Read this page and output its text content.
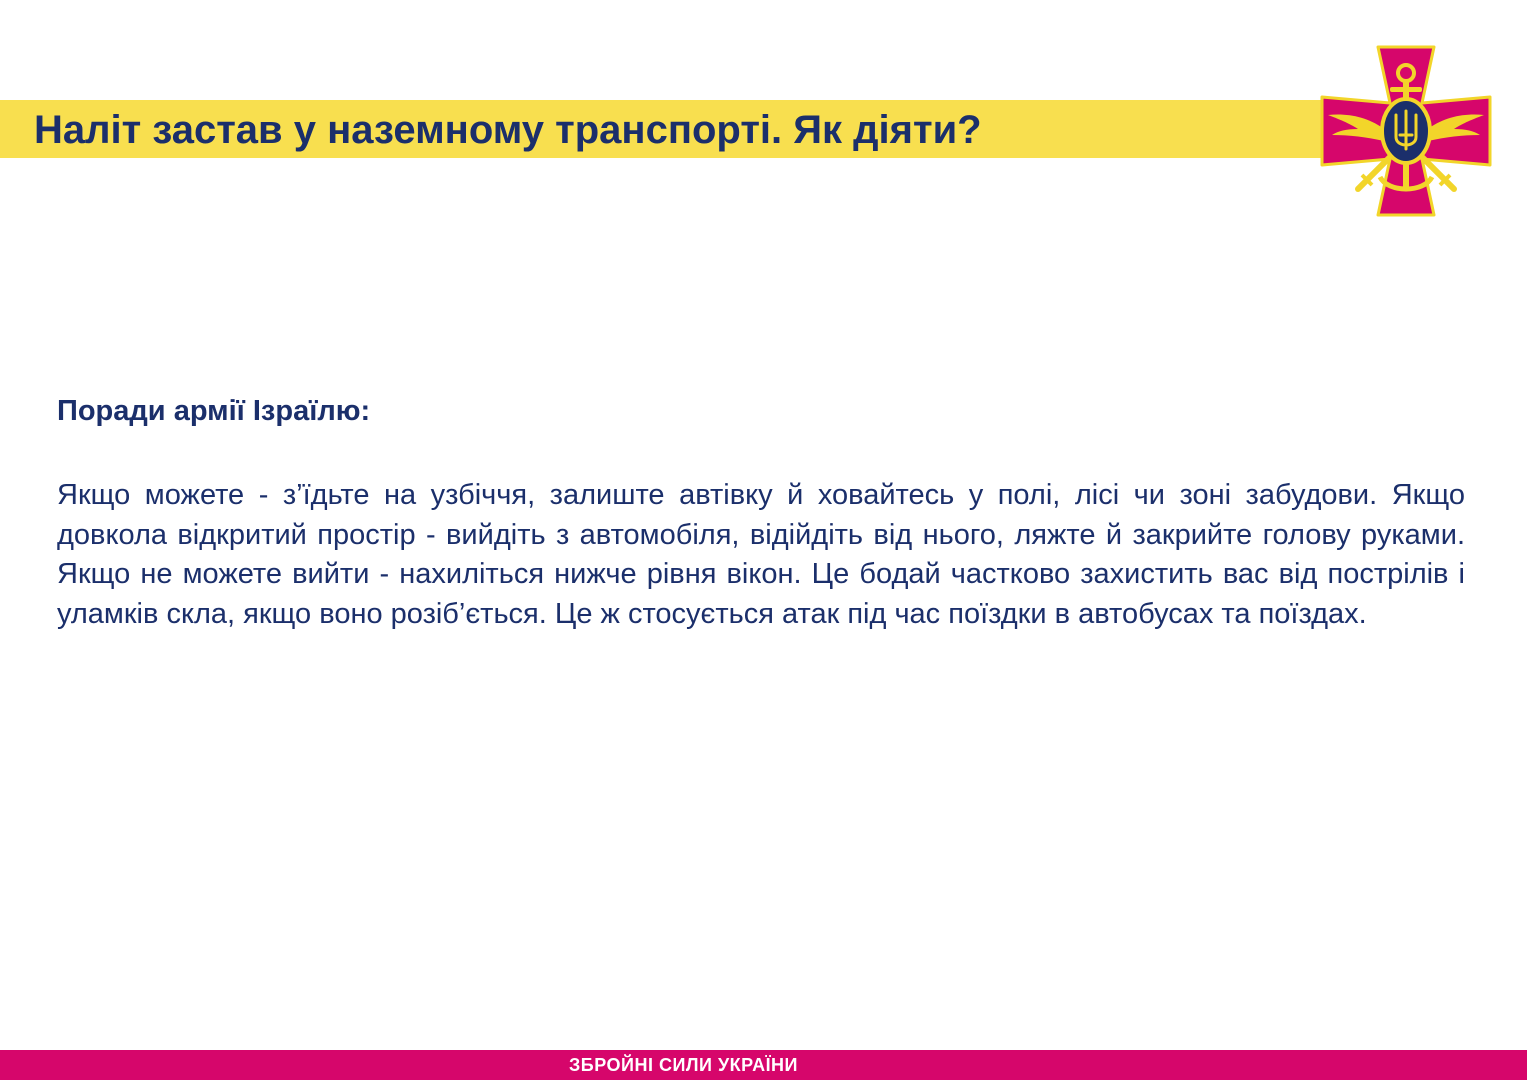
Наліт застав у наземному транспорті. Як діяти?

Поради армії Ізраїлю:

Якщо можете - з’їдьте на узбіччя, залиште автівку й ховайтесь у полі, лісі чи зоні забудови. Якщо довкола відкритий простір - вийдіть з автомобіля, відійдіть від нього, ляжте й закрийте голову руками. Якщо не можете вийти - нахиліться нижче рівня вікон. Це бодай частково захистить вас від пострілів і уламків скла, якщо воно розіб’ється. Це ж стосується атак під час поїздки в автобусах та поїздах.

ЗБРОЙНІ СИЛИ УКРАЇНИ
